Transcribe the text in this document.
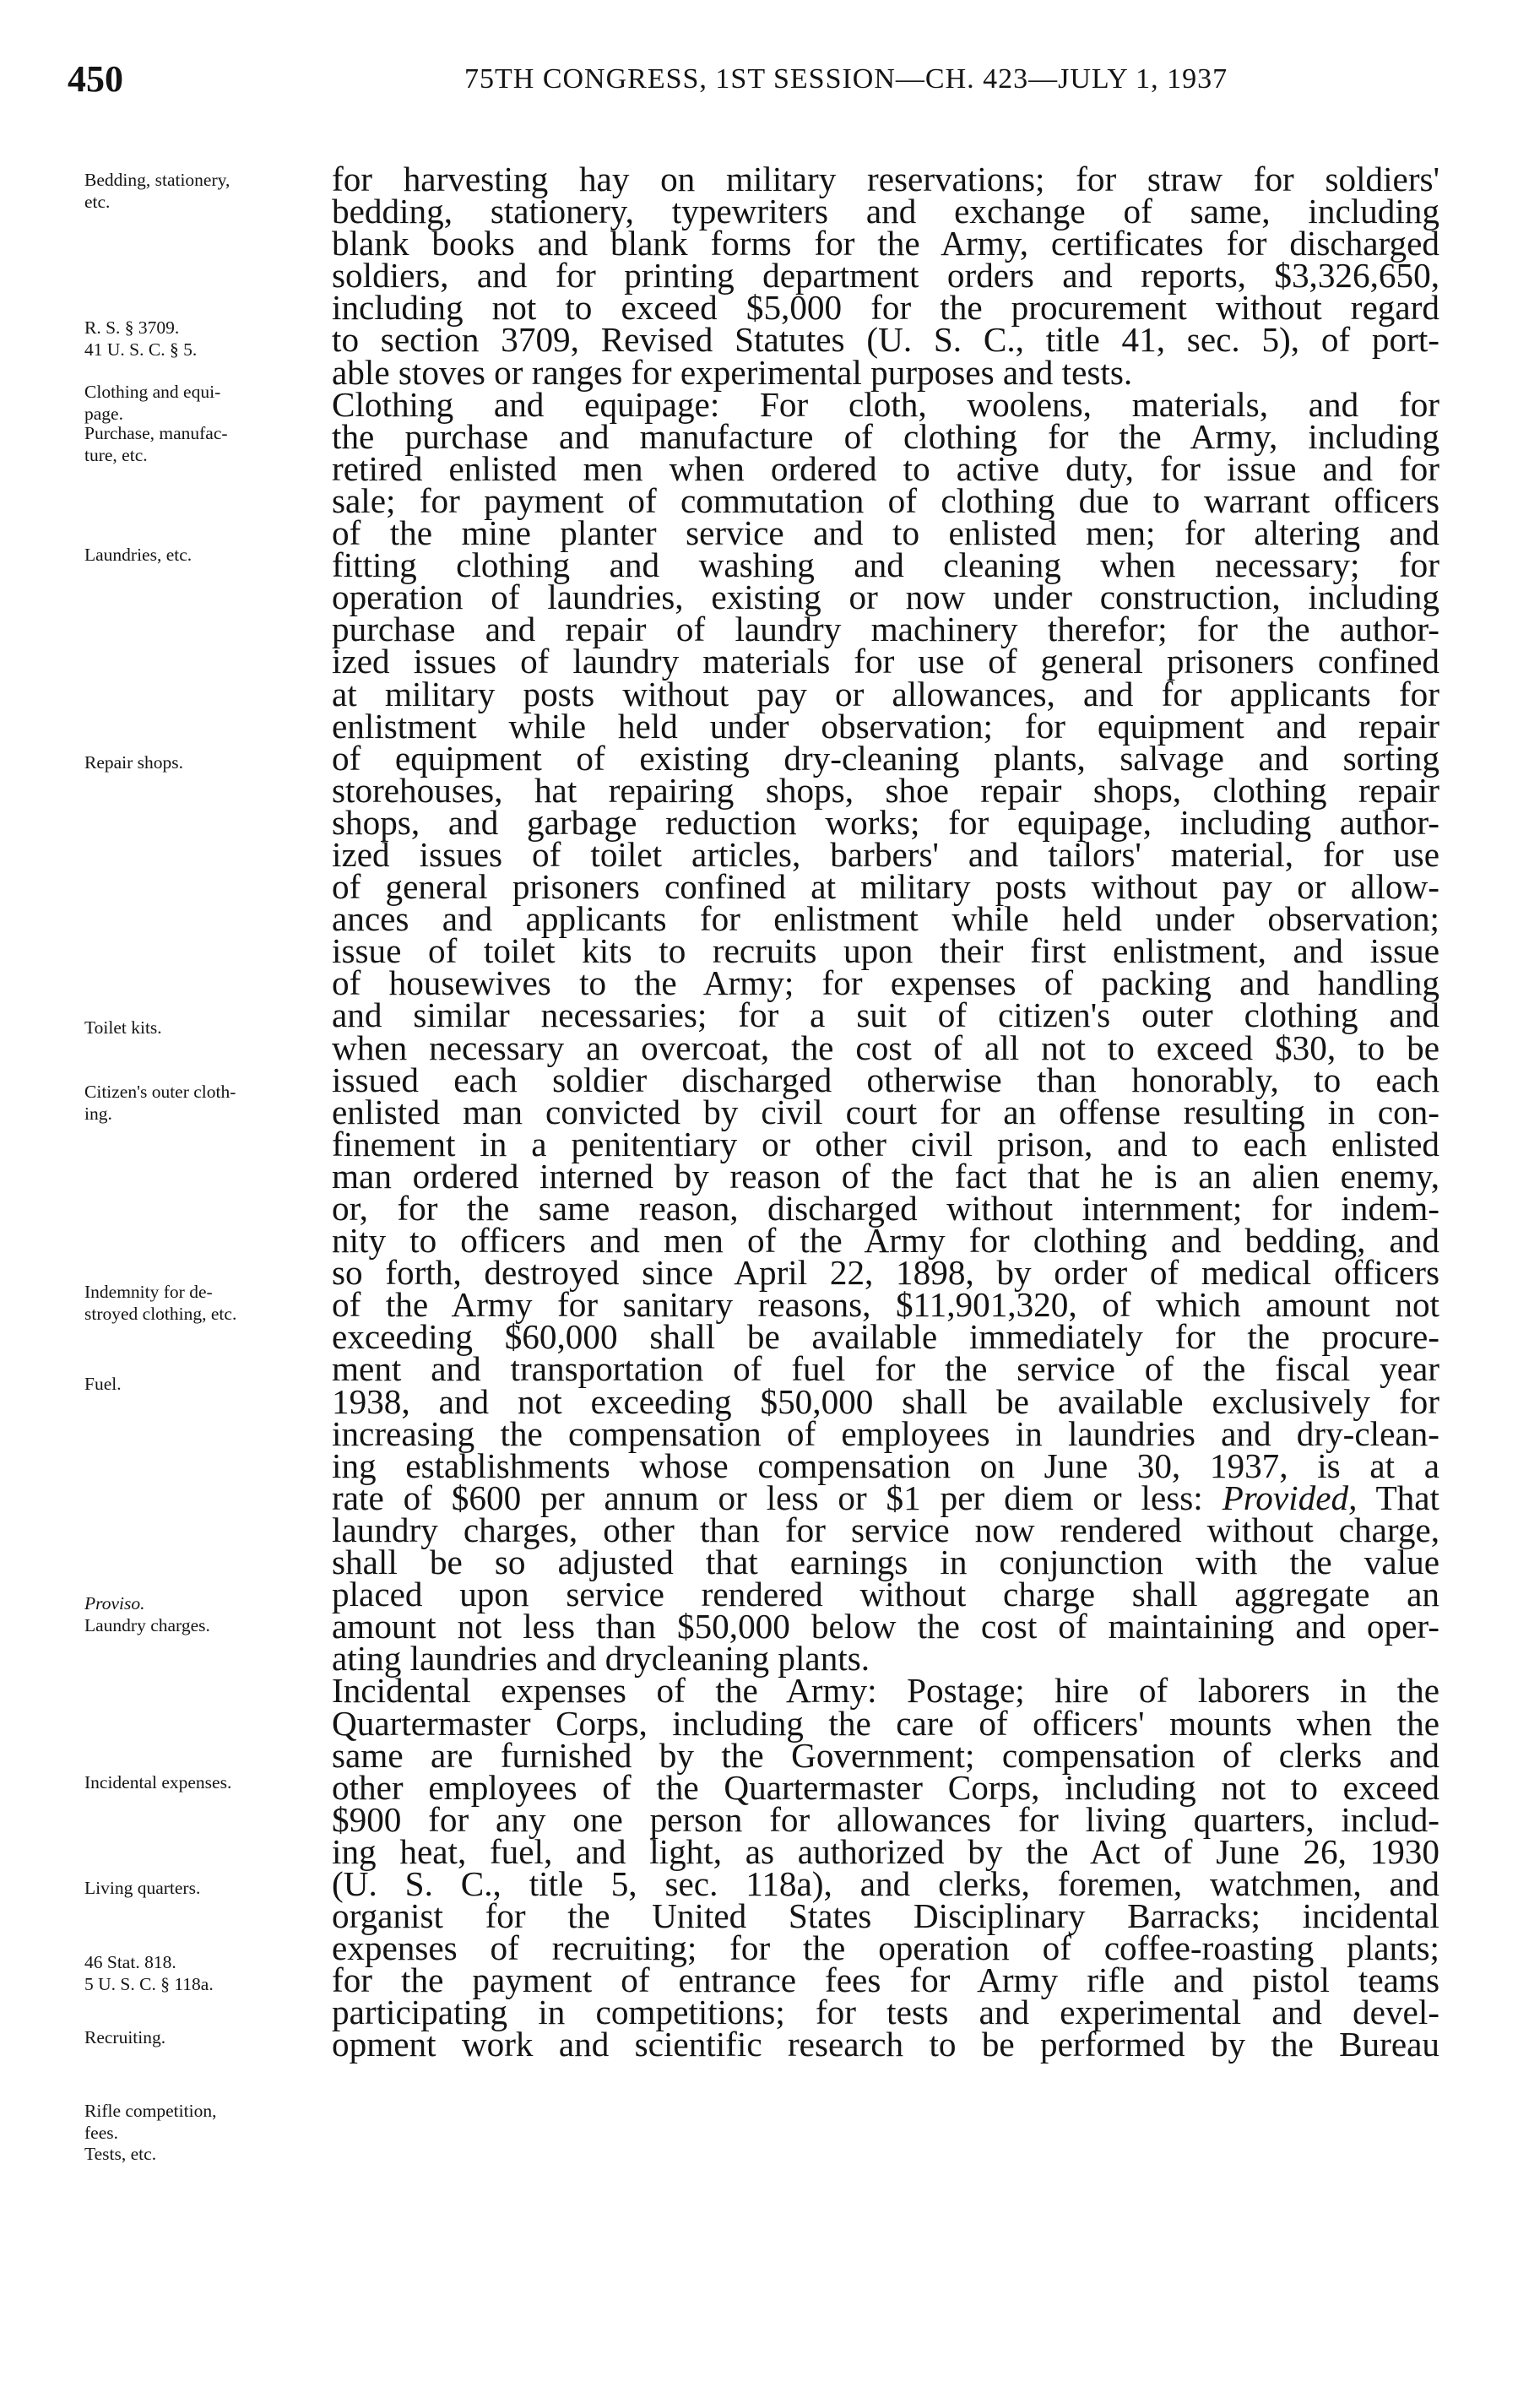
450	75TH CONGRESS, 1ST SESSION—CH. 423—JULY 1, 1937
Bedding, stationery,
etc.
R. S. § 3709.
41 U. S. C. § 5.
Clothing and equi-
page.
Purchase, manufac-
ture, etc.
Laundries, etc.
Repair shops.
Toilet kits.
Citizen's outer cloth-
ing.
Indemnity for de-
stroyed clothing, etc.
Fuel.
Proviso.
Laundry charges.
Incidental expenses.
Living quarters.
46 Stat. 818.
5 U. S. C. § 118a.
Recruiting.
Rifle competition,
fees.
Tests, etc.
for harvesting hay on military reservations; for straw for soldiers'
bedding, stationery, typewriters and exchange of same, including
blank books and blank forms for the Army, certificates for discharged
soldiers, and for printing department orders and reports, $3,326,650,
including not to exceed $5,000 for the procurement without regard
to section 3709, Revised Statutes (U. S. C., title 41, sec. 5), of port-
able stoves or ranges for experimental purposes and tests.
Clothing and equipage: For cloth, woolens, materials, and for
the purchase and manufacture of clothing for the Army, including
retired enlisted men when ordered to active duty, for issue and for
sale; for payment of commutation of clothing due to warrant officers
of the mine planter service and to enlisted men; for altering and
fitting clothing and washing and cleaning when necessary; for
operation of laundries, existing or now under construction, including
purchase and repair of laundry machinery therefor; for the author-
ized issues of laundry materials for use of general prisoners confined
at military posts without pay or allowances, and for applicants for
enlistment while held under observation; for equipment and repair
of equipment of existing dry-cleaning plants, salvage and sorting
storehouses, hat repairing shops, shoe repair shops, clothing repair
shops, and garbage reduction works; for equipage, including author-
ized issues of toilet articles, barbers' and tailors' material, for use
of general prisoners confined at military posts without pay or allow-
ances and applicants for enlistment while held under observation;
issue of toilet kits to recruits upon their first enlistment, and issue
of housewives to the Army; for expenses of packing and handling
and similar necessaries; for a suit of citizen's outer clothing and
when necessary an overcoat, the cost of all not to exceed $30, to be
issued each soldier discharged otherwise than honorably, to each
enlisted man convicted by civil court for an offense resulting in con-
finement in a penitentiary or other civil prison, and to each enlisted
man ordered interned by reason of the fact that he is an alien enemy,
or, for the same reason, discharged without internment; for indem-
nity to officers and men of the Army for clothing and bedding, and
so forth, destroyed since April 22, 1898, by order of medical officers
of the Army for sanitary reasons, $11,901,320, of which amount not
exceeding $60,000 shall be available immediately for the procure-
ment and transportation of fuel for the service of the fiscal year
1938, and not exceeding $50,000 shall be available exclusively for
increasing the compensation of employees in laundries and dry-clean-
ing establishments whose compensation on June 30, 1937, is at a
rate of $600 per annum or less or $1 per diem or less: Provided, That
laundry charges, other than for service now rendered without charge,
shall be so adjusted that earnings in conjunction with the value
placed upon service rendered without charge shall aggregate an
amount not less than $50,000 below the cost of maintaining and oper-
ating laundries and drycleaning plants.
Incidental expenses of the Army: Postage; hire of laborers in the
Quartermaster Corps, including the care of officers' mounts when the
same are furnished by the Government; compensation of clerks and
other employees of the Quartermaster Corps, including not to exceed
$900 for any one person for allowances for living quarters, includ-
ing heat, fuel, and light, as authorized by the Act of June 26, 1930
(U. S. C., title 5, sec. 118a), and clerks, foremen, watchmen, and
organist for the United States Disciplinary Barracks; incidental
expenses of recruiting; for the operation of coffee-roasting plants;
for the payment of entrance fees for Army rifle and pistol teams
participating in competitions; for tests and experimental and devel-
opment work and scientific research to be performed by the Bureau
